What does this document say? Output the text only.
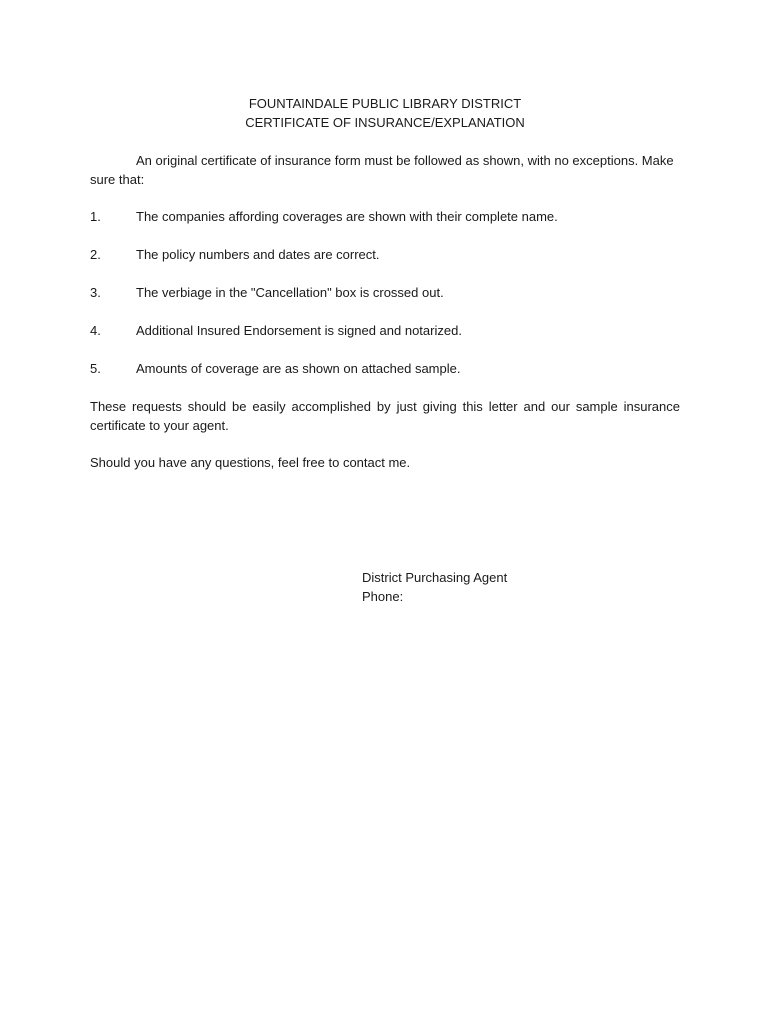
FOUNTAINDALE PUBLIC LIBRARY DISTRICT
CERTIFICATE OF INSURANCE/EXPLANATION

An original certificate of insurance form must be followed as shown, with no exceptions. Make sure that:

1.	The companies affording coverages are shown with their complete name.
2.	The policy numbers and dates are correct.
3.	The verbiage in the "Cancellation" box is crossed out.
4.	Additional Insured Endorsement is signed and notarized.
5.	Amounts of coverage are as shown on attached sample.

These requests should be easily accomplished by just giving this letter and our sample insurance certificate to your agent.

Should you have any questions, feel free to contact me.

District Purchasing Agent
Phone:
